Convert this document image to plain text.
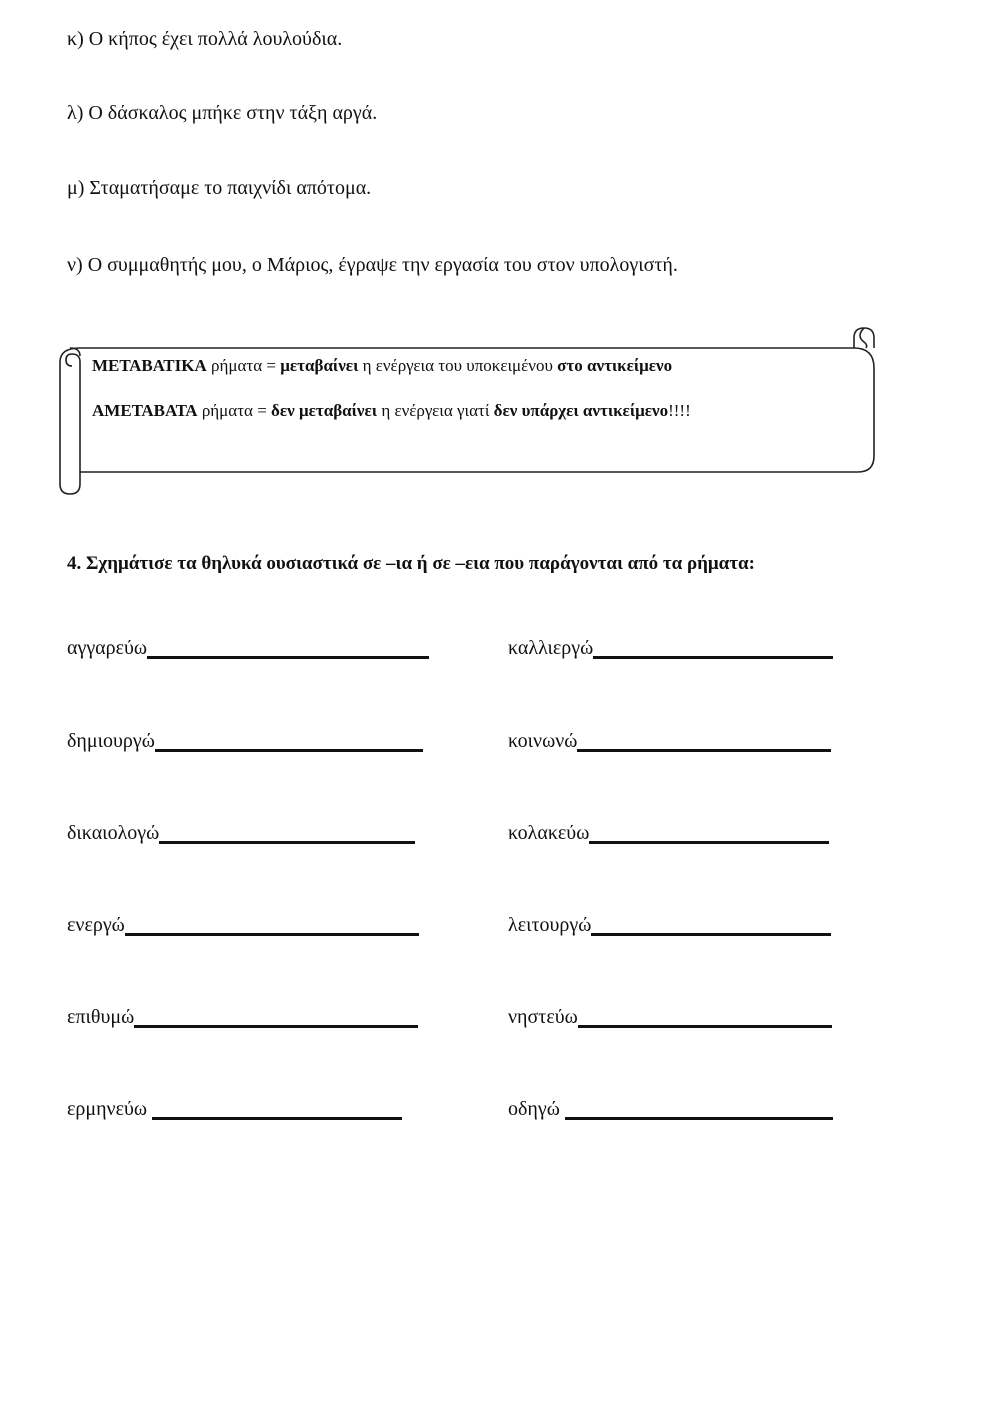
κ) Ο κήπος έχει πολλά λουλούδια.
λ) Ο δάσκαλος μπήκε στην τάξη αργά.
μ) Σταματήσαμε το παιχνίδι απότομα.
ν) Ο συμμαθητής μου, ο Μάριος, έγραψε την εργασία του στον υπολογιστή.
ΜΕΤΑΒΑΤΙΚΑ ρήματα = μεταβαίνει η ενέργεια του υποκειμένου στο αντικείμενο
ΑΜΕΤΑΒΑΤΑ ρήματα = δεν μεταβαίνει η ενέργεια γιατί δεν υπάρχει αντικείμενο!!!!
4. Σχημάτισε τα θηλυκά ουσιαστικά σε –ια ή σε –εια που παράγονται από τα ρήματα:
αγγαρεύω
δημιουργώ
δικαιολογώ
ενεργώ
επιθυμώ
ερμηνεύω
καλλιεργώ
κοινωνώ
κολακεύω
λειτουργώ
νηστεύω
οδηγώ
